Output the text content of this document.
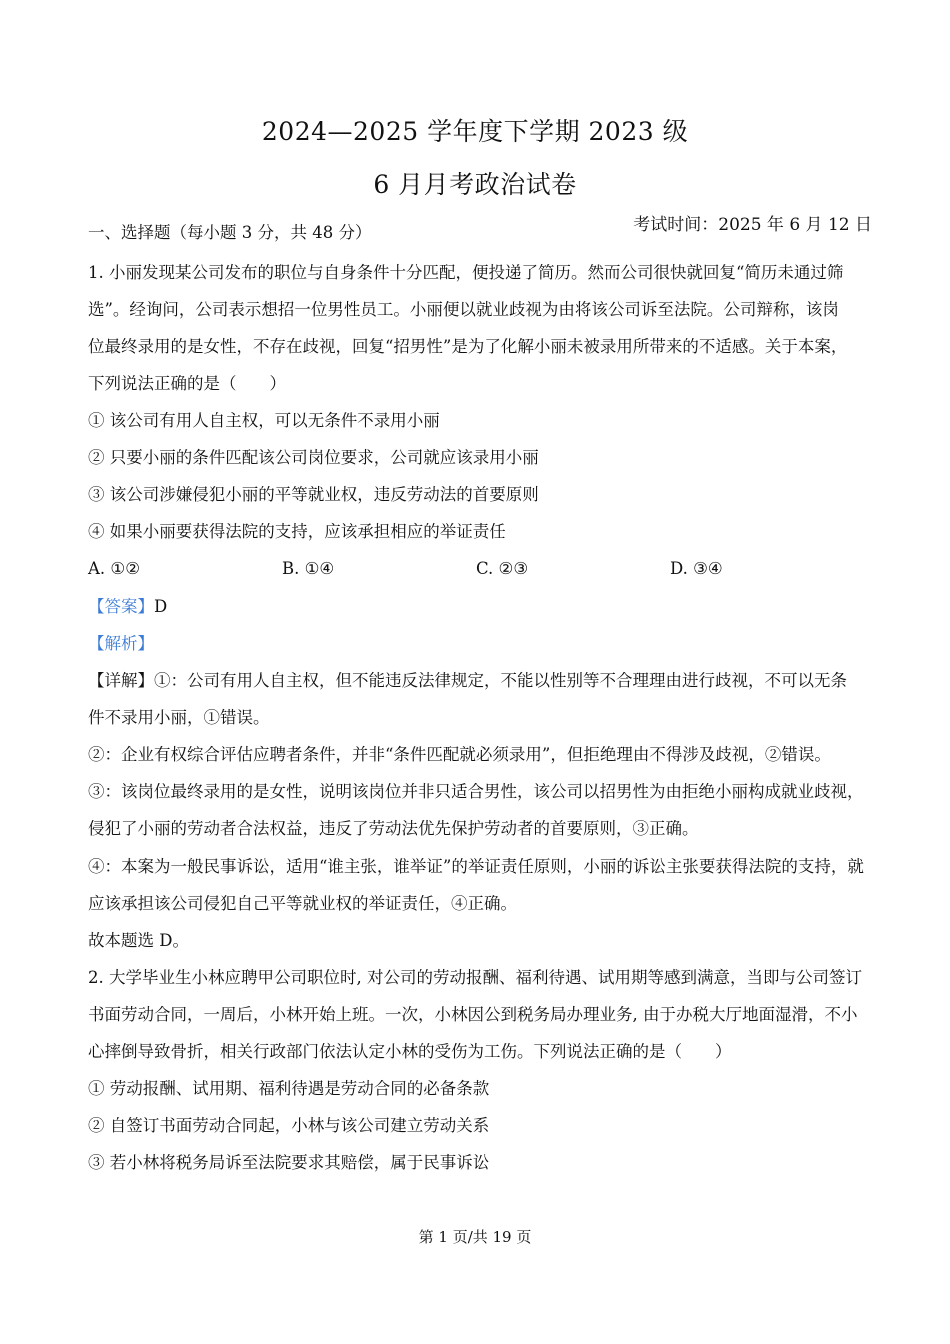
2024—2025 学年度下学期 2023 级
6 月月考政治试卷
考试时间：2025 年 6 月 12 日
一、选择题（每小题 3 分，共 48 分）
1. 小丽发现某公司发布的职位与自身条件十分匹配，便投递了简历。然而公司很快就回复“简历未通过筛
选”。经询问，公司表示想招一位男性员工。小丽便以就业歧视为由将该公司诉至法院。公司辩称，该岗
位最终录用的是女性，不存在歧视，回复“招男性”是为了化解小丽未被录用所带来的不适感。关于本案，
下列说法正确的是（　　）
① 该公司有用人自主权，可以无条件不录用小丽
② 只要小丽的条件匹配该公司岗位要求，公司就应该录用小丽
③ 该公司涉嫌侵犯小丽的平等就业权，违反劳动法的首要原则
④ 如果小丽要获得法院的支持，应该承担相应的举证责任
A. ①②	B. ①④	C. ②③	D. ③④
【答案】D
【解析】
【详解】①：公司有用人自主权，但不能违反法律规定，不能以性别等不合理理由进行歧视，不可以无条
件不录用小丽，①错误。
②：企业有权综合评估应聘者条件，并非“条件匹配就必须录用”，但拒绝理由不得涉及歧视，②错误。
③：该岗位最终录用的是女性，说明该岗位并非只适合男性，该公司以招男性为由拒绝小丽构成就业歧视，
侵犯了小丽的劳动者合法权益，违反了劳动法优先保护劳动者的首要原则，③正确。
④：本案为一般民事诉讼，适用“谁主张，谁举证”的举证责任原则，小丽的诉讼主张要获得法院的支持，就
应该承担该公司侵犯自己平等就业权的举证责任，④正确。
故本题选 D。
2. 大学毕业生小林应聘甲公司职位时, 对公司的劳动报酬、福利待遇、试用期等感到满意，当即与公司签订
书面劳动合同，一周后，小林开始上班。一次，小林因公到税务局办理业务, 由于办税大厅地面湿滑，不小
心摔倒导致骨折，相关行政部门依法认定小林的受伤为工伤。下列说法正确的是（　　）
① 劳动报酬、试用期、福利待遇是劳动合同的必备条款
② 自签订书面劳动合同起，小林与该公司建立劳动关系
③ 若小林将税务局诉至法院要求其赔偿，属于民事诉讼
第 1 页/共 19 页
